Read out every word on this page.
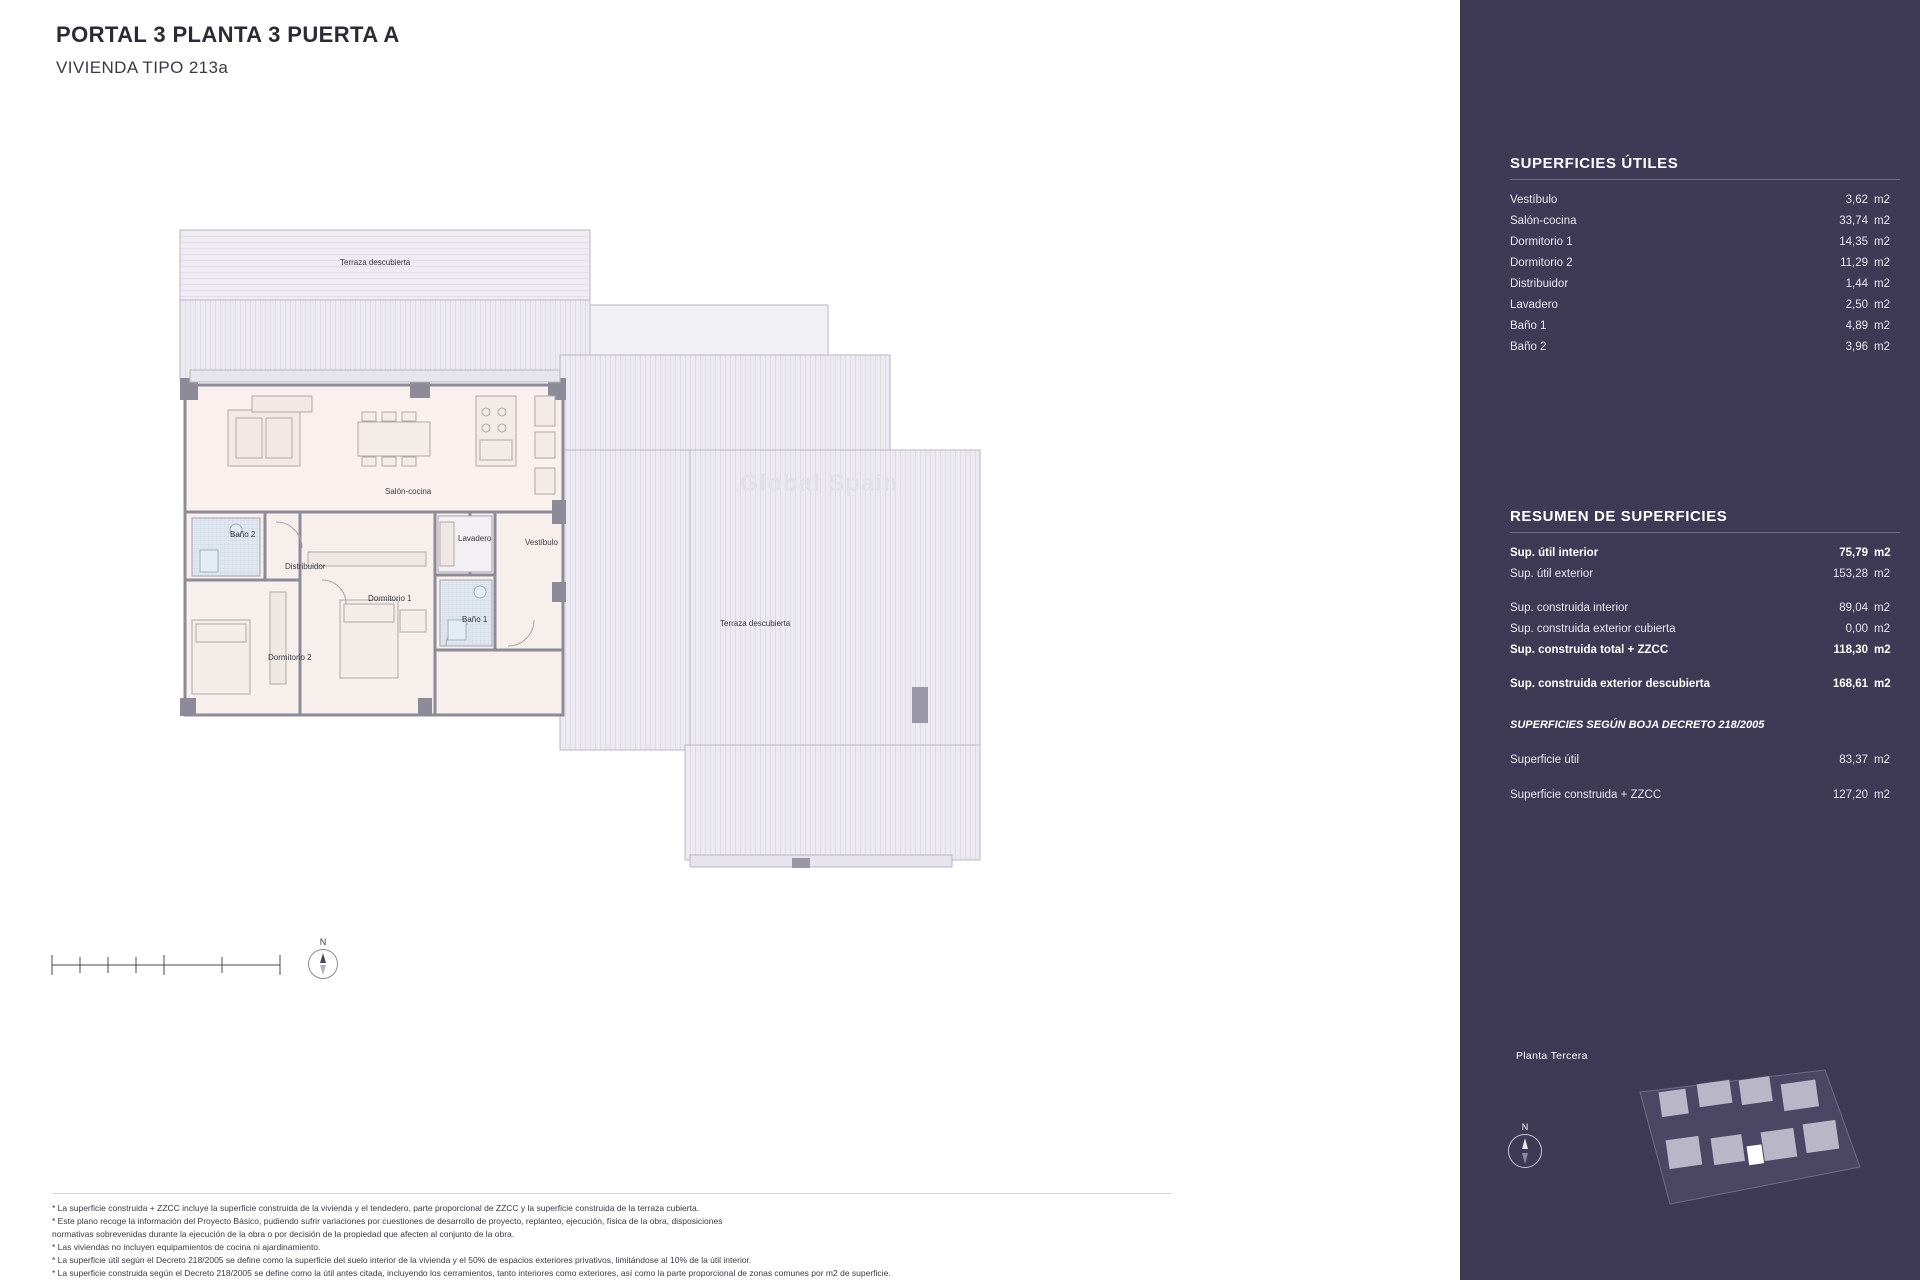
PORTAL 3 PLANTA 3 PUERTA A
VIVIENDA TIPO 213a
Global Spain
Terraza descubierta
Salón-cocina
Baño 2
Distribuidor
Lavadero	Vestíbulo
Dormitorio 1
Baño 1
Dormitorio 2
Terraza descubierta
N
* La superficie construida + ZZCC incluye la superficie construida de la vivienda y el tendedero, parte proporcional de ZZCC y la superficie construida de la terraza cubierta.
* Este plano recoge la información del Proyecto Básico, pudiendo sufrir variaciones por cuestiones de desarrollo de proyecto, replanteo, ejecución, física de la obra, disposiciones
normativas sobrevenidas durante la ejecución de la obra o por decisión de la propiedad que afecten al conjunto de la obra.
* Las viviendas no incluyen equipamientos de cocina ni ajardinamiento.
* La superficie útil según el Decreto 218/2005 se define como la superficie del suelo interior de la vivienda y el 50% de espacios exteriores privativos, limitándose al 10% de la útil interior.
* La superficie construida según el Decreto 218/2005 se define como la útil antes citada, incluyendo los cerramientos, tanto interiores como exteriores, así como la parte proporcional de zonas comunes por m2 de superficie.
SUPERFICIES ÚTILES
Vestíbulo	3,62 m2
Salón-cocina	33,74 m2
Dormitorio 1	14,35 m2
Dormitorio 2	11,29 m2
Distribuidor	1,44 m2
Lavadero	2,50 m2
Baño 1	4,89 m2
Baño 2	3,96 m2
RESUMEN DE SUPERFICIES
Sup. útil interior	75,79 m2
Sup. útil exterior	153,28 m2
Sup. construida interior	89,04 m2
Sup. construida exterior cubierta	0,00 m2
Sup. construida total + ZZCC	118,30 m2
Sup. construida exterior descubierta	168,61 m2
SUPERFICIES SEGÚN BOJA DECRETO 218/2005
Superficie útil	83,37 m2
Superficie construida + ZZCC	127,20 m2
Planta Tercera
N
